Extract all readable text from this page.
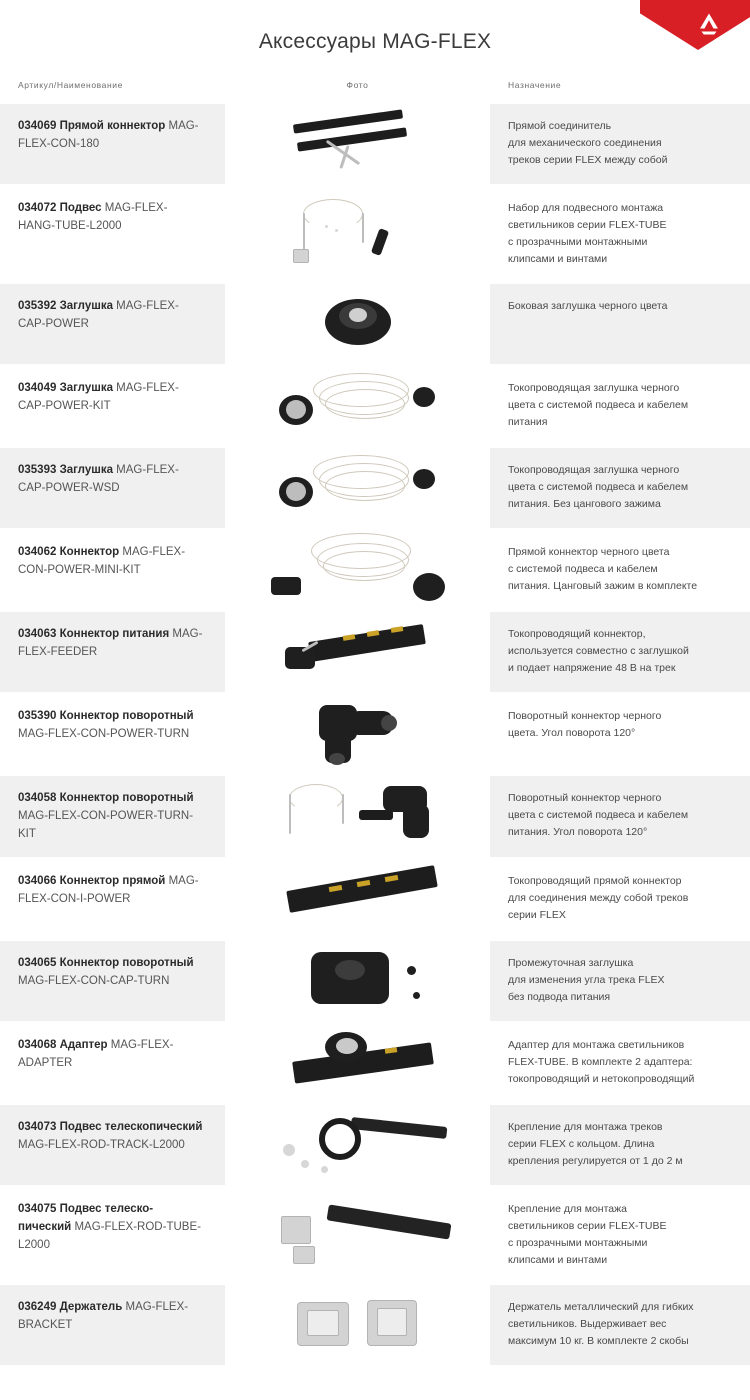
Аксессуары MAG-FLEX
Артикул/Наименование	Фото	Назначение
034069 Прямой коннектор MAG-FLEX-CON-180
Прямой соединитель
для механического соединения
треков серии FLEX между собой
034072 Подвес MAG-FLEX-HANG-TUBE-L2000
Набор для подвесного монтажа
светильников серии FLEX-TUBE
с прозрачными монтажными
клипсами и винтами
035392 Заглушка MAG-FLEX-CAP-POWER
Боковая заглушка черного цвета
034049 Заглушка MAG-FLEX-CAP-POWER-KIT
Токопроводящая заглушка черного
цвета с системой подвеса и кабелем
питания
035393 Заглушка MAG-FLEX-CAP-POWER-WSD
Токопроводящая заглушка черного
цвета с системой подвеса и кабелем
питания. Без цангового зажима
034062 Коннектор MAG-FLEX-CON-POWER-MINI-KIT
Прямой коннектор черного цвета
с системой подвеса и кабелем
питания. Цанговый зажим в комплекте
034063 Коннектор питания MAG-FLEX-FEEDER
Токопроводящий коннектор,
используется совместно с заглушкой
и подает напряжение 48 В на трек
035390 Коннектор поворотный MAG-FLEX-CON-POWER-TURN
Поворотный коннектор черного
цвета. Угол поворота 120°
034058 Коннектор поворотный MAG-FLEX-CON-POWER-TURN-KIT
Поворотный коннектор черного
цвета с системой подвеса и кабелем
питания. Угол поворота 120°
034066 Коннектор прямой MAG-FLEX-CON-I-POWER
Токопроводящий прямой коннектор
для соединения между собой треков
серии FLEX
034065 Коннектор поворотный MAG-FLEX-CON-CAP-TURN
Промежуточная заглушка
для изменения угла трека FLEX
без подвода питания
034068 Адаптер MAG-FLEX-ADAPTER
Адаптер для монтажа светильников
FLEX-TUBE. В комплекте 2 адаптера:
токопроводящий и нетокопроводящий
034073 Подвес телескопический MAG-FLEX-ROD-TRACK-L2000
Крепление для монтажа треков
серии FLEX с кольцом. Длина
крепления регулируется от 1 до 2 м
034075 Подвес телеско-пический MAG-FLEX-ROD-TUBE-L2000
Крепление для монтажа
светильников серии FLEX-TUBE
с прозрачными монтажными
клипсами и винтами
036249 Держатель MAG-FLEX-BRACKET
Держатель металлический для гибких
светильников. Выдерживает вес
максимум 10 кг. В комплекте 2 скобы
